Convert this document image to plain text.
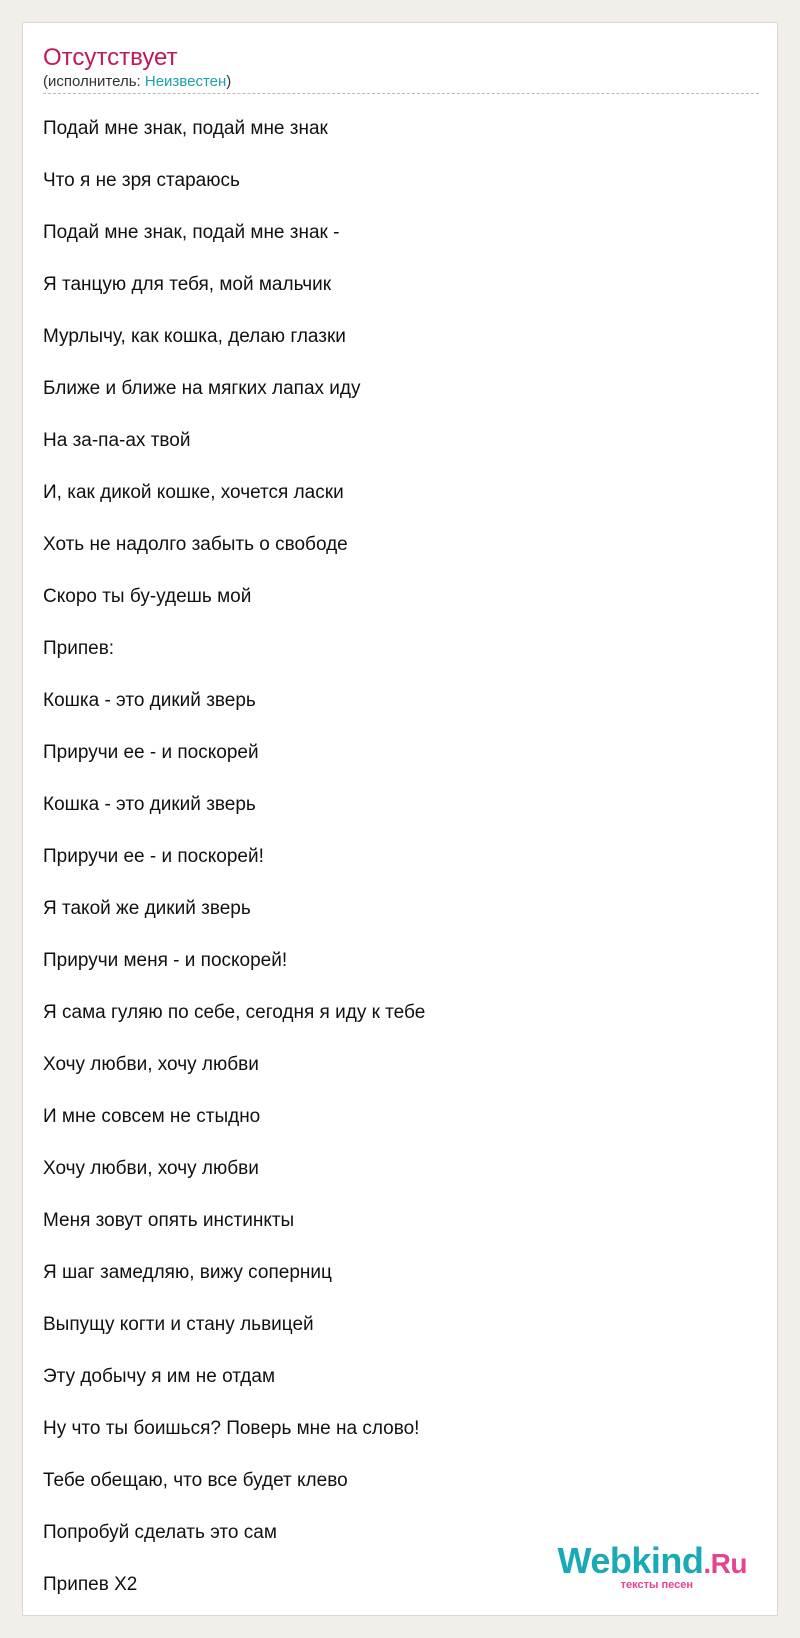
Отсутствует
(исполнитель: Неизвестен)
Подай мне знак, подай мне знак
Что я не зря стараюсь
Подай мне знак, подай мне знак -
Я танцую для тебя, мой мальчик
Мурлычу, как кошка, делаю глазки
Ближе и ближе на мягких лапах иду
На за-па-ах твой
И, как дикой кошке, хочется ласки
Хоть не надолго забыть о свободе
Скоро ты бу-удешь мой
Припев:
Кошка - это дикий зверь
Приручи ее - и поскорей
Кошка - это дикий зверь
Приручи ее - и поскорей!
Я такой же дикий зверь
Приручи меня - и поскорей!
Я сама гуляю по себе, сегодня я иду к тебе
Хочу любви, хочу любви
И мне совсем не стыдно
Хочу любви, хочу любви
Меня зовут опять инстинкты
Я шаг замедляю, вижу соперниц
Выпущу когти и стану львицей
Эту добычу я им не отдам
Ну что ты боишься? Поверь мне на слово!
Тебе обещаю, что все будет клево
Попробуй сделать это сам
Припев Х2
Webkind.Ru
тексты песен
